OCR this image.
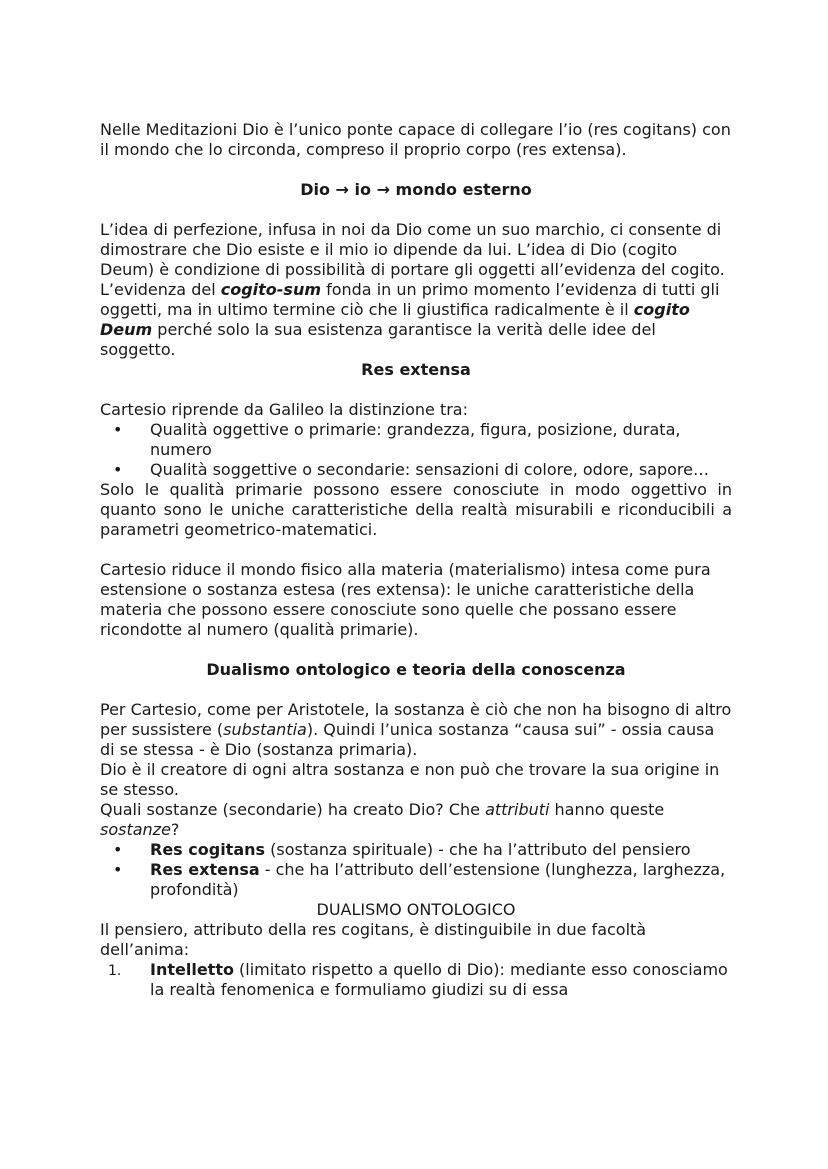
Nelle Meditazioni Dio è l’unico ponte capace di collegare l’io (res cogitans) con il mondo che lo circonda, compreso il proprio corpo (res extensa).

Dio → io → mondo esterno

L’idea di perfezione, infusa in noi da Dio come un suo marchio, ci consente di dimostrare che Dio esiste e il mio io dipende da lui. L’idea di Dio (cogito Deum) è condizione di possibilità di portare gli oggetti all’evidenza del cogito.

L’evidenza del cogito-sum fonda in un primo momento l’evidenza di tutti gli oggetti, ma in ultimo termine ciò che li giustifica radicalmente è il cogito Deum perché solo la sua esistenza garantisce la verità delle idee del soggetto.

Res extensa

Cartesio riprende da Galileo la distinzione tra:

• Qualità oggettive o primarie: grandezza, figura, posizione, durata, numero
• Qualità soggettive o secondarie: sensazioni di colore, odore, sapore…

Solo le qualità primarie possono essere conosciute in modo oggettivo in quanto sono le uniche caratteristiche della realtà misurabili e riconducibili a parametri geometrico-matematici.

Cartesio riduce il mondo fisico alla materia (materialismo) intesa come pura estensione o sostanza estesa (res extensa): le uniche caratteristiche della materia che possono essere conosciute sono quelle che possano essere ricondotte al numero (qualità primarie).

Dualismo ontologico e teoria della conoscenza

Per Cartesio, come per Aristotele, la sostanza è ciò che non ha bisogno di altro per sussistere (substantia). Quindi l’unica sostanza “causa sui” - ossia causa di se stessa - è Dio (sostanza primaria).

Dio è il creatore di ogni altra sostanza e non può che trovare la sua origine in se stesso.

Quali sostanze (secondarie) ha creato Dio? Che attributi hanno queste sostanze?

• Res cogitans (sostanza spirituale) - che ha l’attributo del pensiero
• Res extensa - che ha l’attributo dell’estensione (lunghezza, larghezza, profondità)

DUALISMO ONTOLOGICO

Il pensiero, attributo della res cogitans, è distinguibile in due facoltà dell’anima:

1. Intelletto (limitato rispetto a quello di Dio): mediante esso conosciamo la realtà fenomenica e formuliamo giudizi su di essa
